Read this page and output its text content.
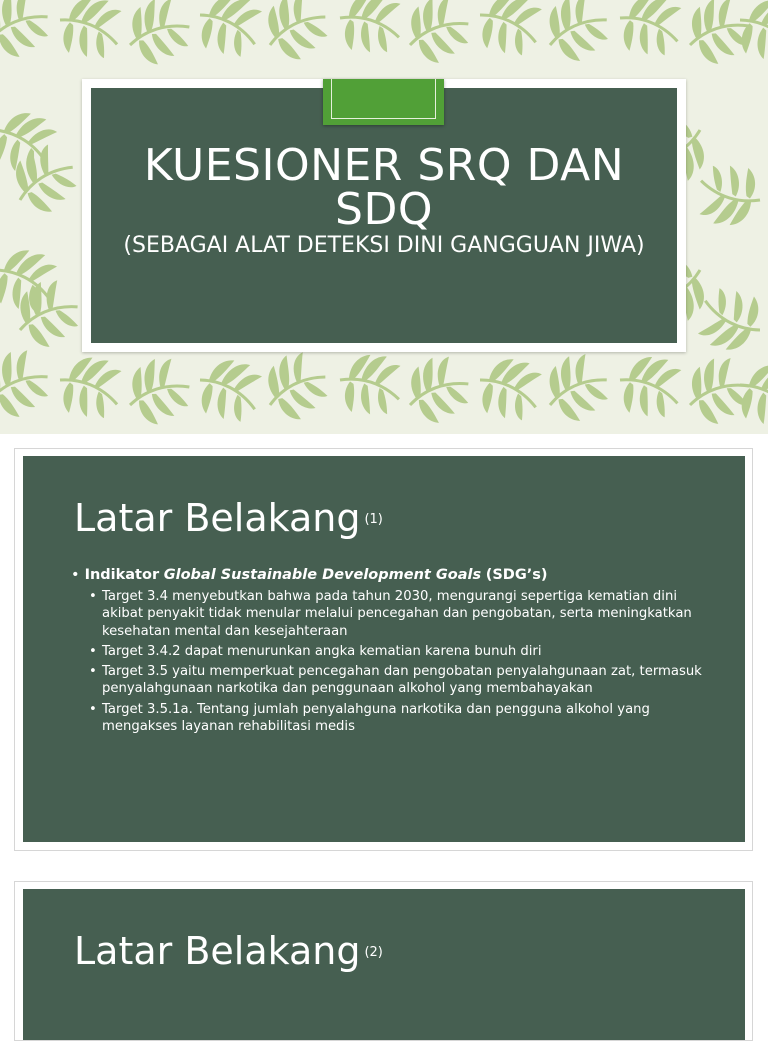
KUESIONER SRQ DAN SDQ
(SEBAGAI ALAT DETEKSI DINI GANGGUAN JIWA)
Latar Belakang $^{(1)}$
• Indikator Global Sustainable Development Goals (SDG’s)
• Target 3.4 menyebutkan bahwa pada tahun 2030, mengurangi sepertiga kematian dini akibat penyakit tidak menular melalui pencegahan dan pengobatan, serta meningkatkan kesehatan mental dan kesejahteraan
• Target 3.4.2 dapat menurunkan angka kematian karena bunuh diri
• Target 3.5 yaitu memperkuat pencegahan dan pengobatan penyalahgunaan zat, termasuk penyalahgunaan narkotika dan penggunaan alkohol yang membahayakan
• Target 3.5.1a. Tentang jumlah penyalahguna narkotika dan pengguna alkohol yang mengakses layanan rehabilitasi medis
Latar Belakang $^{(2)}$
